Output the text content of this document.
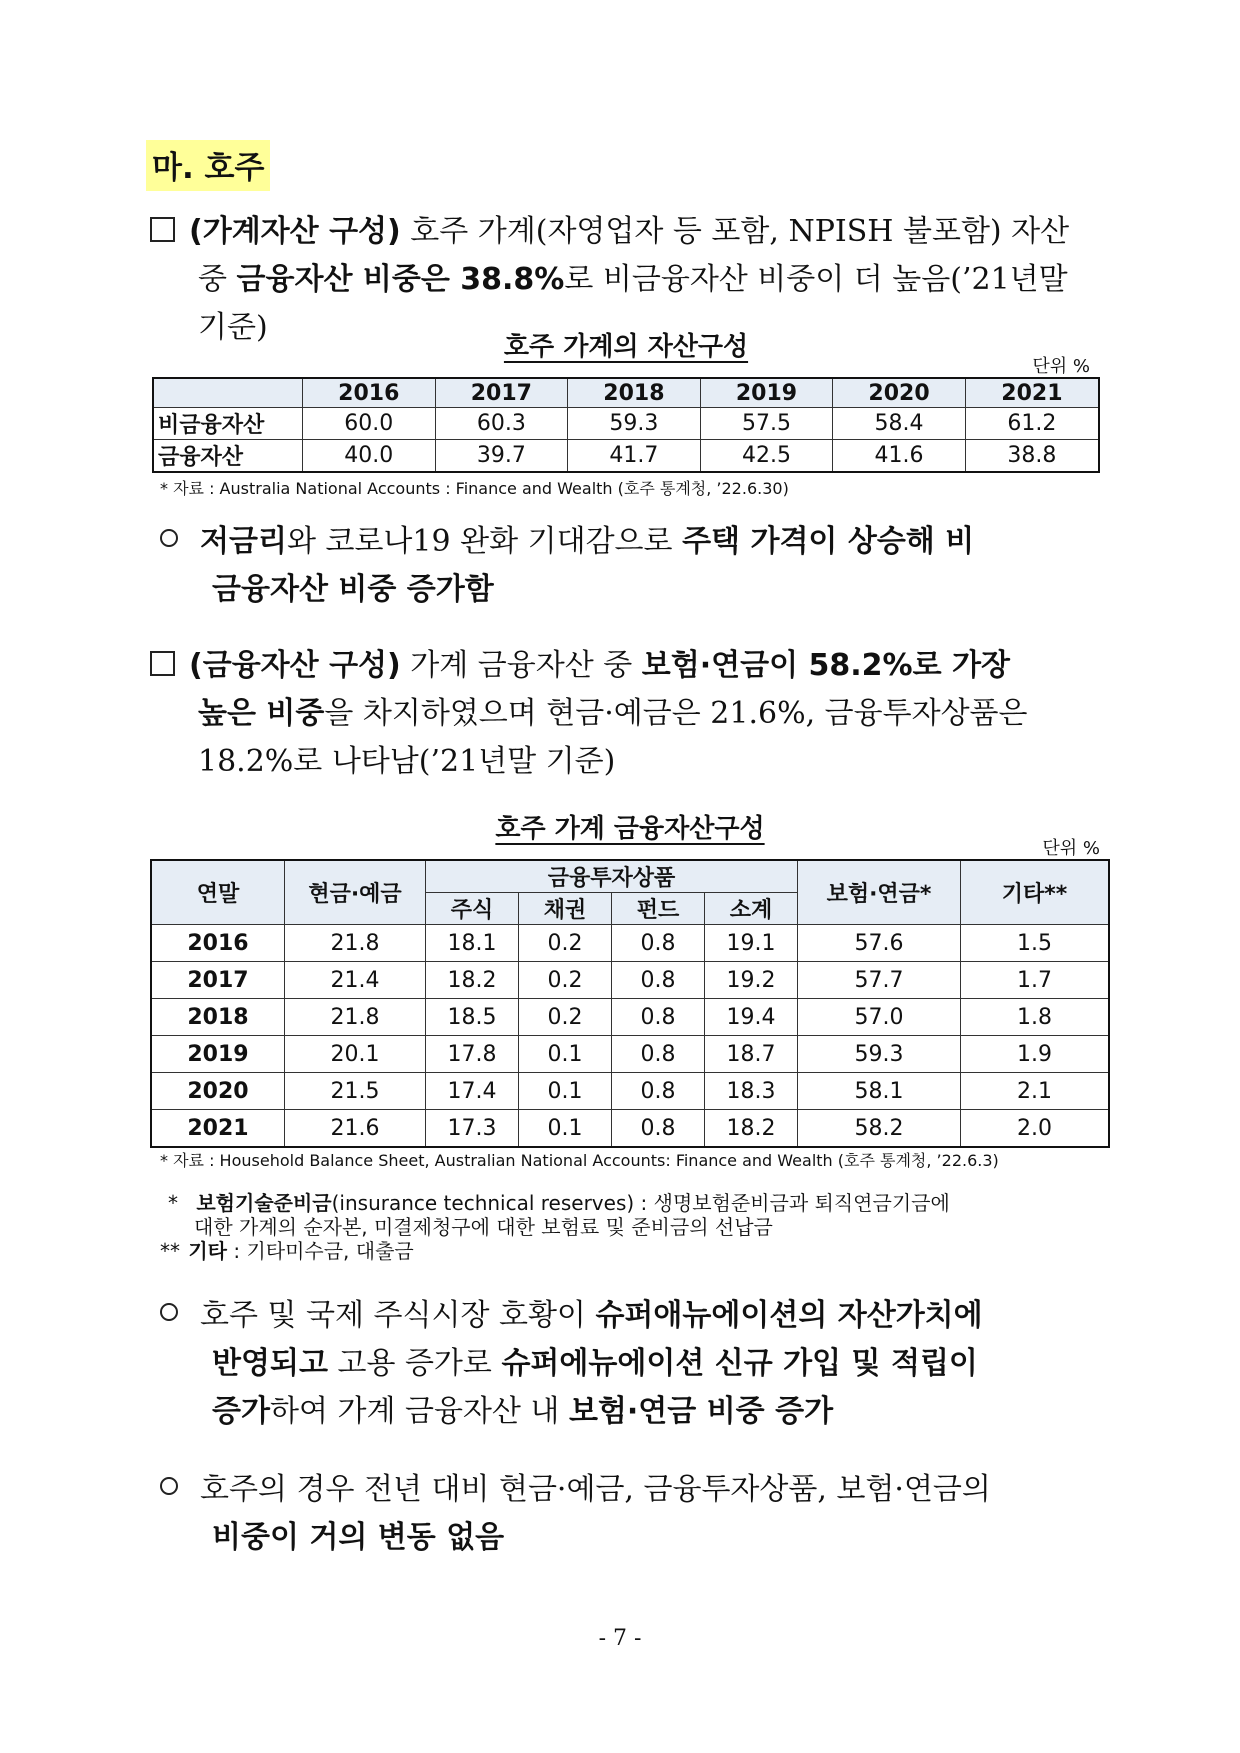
마. 호주
(가계자산 구성) 호주 가계(자영업자 등 포함, NPISH 불포함) 자산
중 금융자산 비중은 38.8%로 비금융자산 비중이 더 높음(’21년말 기준)
호주 가계의 자산구성
단위 %
	2016	2017	2018	2019	2020	2021
비금융자산	60.0	60.3	59.3	57.5	58.4	61.2
금융자산	40.0	39.7	41.7	42.5	41.6	38.8
* 자료 : Australia National Accounts : Finance and Wealth (호주 통계청, ’22.6.30)
저금리와 코로나19 완화 기대감으로 주택 가격이 상승해 비
금융자산 비중 증가함
(금융자산 구성) 가계 금융자산 중 보험·연금이 58.2%로 가장
높은 비중을 차지하였으며 현금·예금은 21.6%, 금융투자상품은
18.2%로 나타남(’21년말 기준)
호주 가계 금융자산구성
단위 %
연말	현금·예금	금융투자상품				보험·연금*	기타**
		주식	채권	펀드	소계		
2016	21.8	18.1	0.2	0.8	19.1	57.6	1.5
2017	21.4	18.2	0.2	0.8	19.2	57.7	1.7
2018	21.8	18.5	0.2	0.8	19.4	57.0	1.8
2019	20.1	17.8	0.1	0.8	18.7	59.3	1.9
2020	21.5	17.4	0.1	0.8	18.3	58.1	2.1
2021	21.6	17.3	0.1	0.8	18.2	58.2	2.0
* 자료 : Household Balance Sheet, Australian National Accounts: Finance and Wealth (호주 통계청, ’22.6.3)
* 보험기술준비금(insurance technical reserves) : 생명보험준비금과 퇴직연금기금에
대한 가계의 순자본, 미결제청구에 대한 보험료 및 준비금의 선납금
** 기타 : 기타미수금, 대출금
호주 및 국제 주식시장 호황이 슈퍼애뉴에이션의 자산가치에
반영되고 고용 증가로 슈퍼에뉴에이션 신규 가입 및 적립이
증가하여 가계 금융자산 내 보험·연금 비중 증가
호주의 경우 전년 대비 현금·예금, 금융투자상품, 보험·연금의
비중이 거의 변동 없음
- 7 -
